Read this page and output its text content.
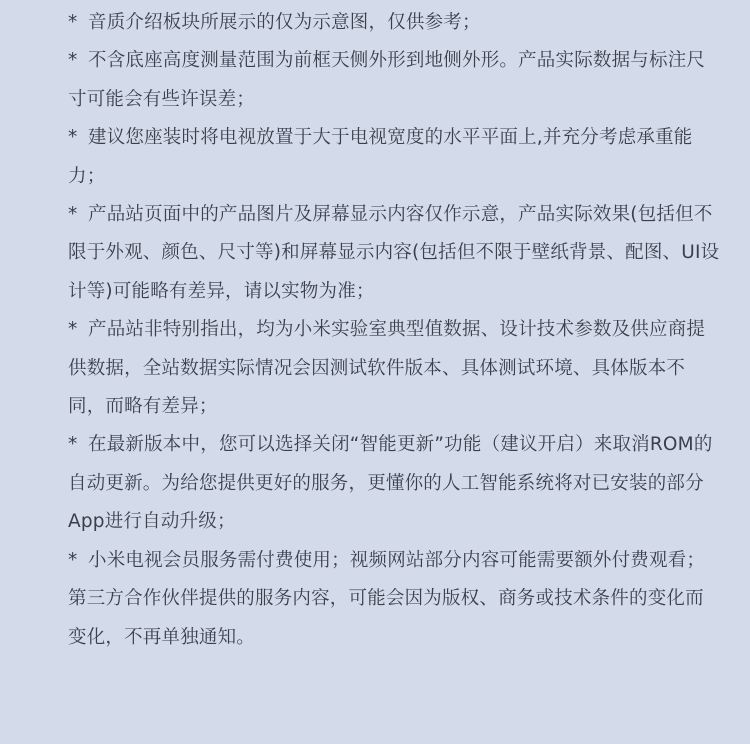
* 音质介绍板块所展示的仅为示意图，仅供参考；

* 不含底座高度测量范围为前框天侧外形到地侧外形。产品实际数据与标注尺寸可能会有些许误差；

* 建议您座装时将电视放置于大于电视宽度的水平平面上,并充分考虑承重能力；

* 产品站页面中的产品图片及屏幕显示内容仅作示意，产品实际效果(包括但不限于外观、颜色、尺寸等)和屏幕显示内容(包括但不限于壁纸背景、配图、UI设计等)可能略有差异，请以实物为准；

* 产品站非特别指出，均为小米实验室典型值数据、设计技术参数及供应商提供数据，全站数据实际情况会因测试软件版本、具体测试环境、具体版本不同，而略有差异；

* 在最新版本中，您可以选择关闭“智能更新”功能（建议开启）来取消ROM的自动更新。为给您提供更好的服务，更懂你的人工智能系统将对已安装的部分App进行自动升级；

* 小米电视会员服务需付费使用；视频网站部分内容可能需要额外付费观看；第三方合作伙伴提供的服务内容，可能会因为版权、商务或技术条件的变化而变化，不再单独通知。
